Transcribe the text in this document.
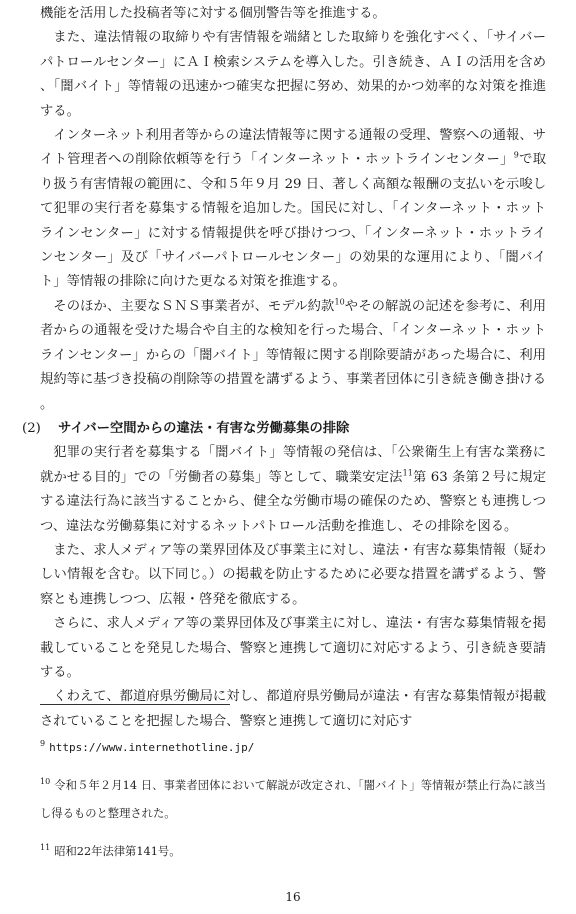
機能を活用した投稿者等に対する個別警告等を推進する。

また、違法情報の取締りや有害情報を端緒とした取締りを強化すべく、「サイバーパトロールセンター」にＡＩ検索システムを導入した。引き続き、ＡＩの活用を含め、「闇バイト」等情報の迅速かつ確実な把握に努め、効果的かつ効率的な対策を推進する。

インターネット利用者等からの違法情報等に関する通報の受理、警察への通報、サイト管理者への削除依頼等を行う「インターネット・ホットラインセンター」$^9$で取り扱う有害情報の範囲に、令和５年９月 29 日、著しく高額な報酬の支払いを示唆して犯罪の実行者を募集する情報を追加した。国民に対し、「インターネット・ホットラインセンター」に対する情報提供を呼び掛けつつ、「インターネット・ホットラインセンター」及び「サイバーパトロールセンター」の効果的な運用により、「闇バイト」等情報の排除に向けた更なる対策を推進する。

そのほか、主要なＳＮＳ事業者が、モデル約款$^{10}$やその解説の記述を参考に、利用者からの通報を受けた場合や自主的な検知を行った場合、「インターネット・ホットラインセンター」からの「闇バイト」等情報に関する削除要請があった場合に、利用規約等に基づき投稿の削除等の措置を講ずるよう、事業者団体に引き続き働き掛ける。

(2) サイバー空間からの違法・有害な労働募集の排除

犯罪の実行者を募集する「闇バイト」等情報の発信は、「公衆衛生上有害な業務に就かせる目的」での「労働者の募集」等として、職業安定法$^{11}$第 63 条第２号に規定する違法行為に該当することから、健全な労働市場の確保のため、警察とも連携しつつ、違法な労働募集に対するネットパトロール活動を推進し、その排除を図る。

また、求人メディア等の業界団体及び事業主に対し、違法・有害な募集情報（疑わしい情報を含む。以下同じ。）の掲載を防止するために必要な措置を講ずるよう、警察とも連携しつつ、広報・啓発を徹底する。

さらに、求人メディア等の業界団体及び事業主に対し、違法・有害な募集情報を掲載していることを発見した場合、警察と連携して適切に対応するよう、引き続き要請する。

くわえて、都道府県労働局に対し、都道府県労働局が違法・有害な募集情報が掲載されていることを把握した場合、警察と連携して適切に対応す

$^9$ https://www.internethotline.jp/
$^{10}$ 令和５年２月14 日、事業者団体において解説が改定され、「闇バイト」等情報が禁止行為に該当し得るものと整理された。
$^{11}$ 昭和22年法律第141号。
16
